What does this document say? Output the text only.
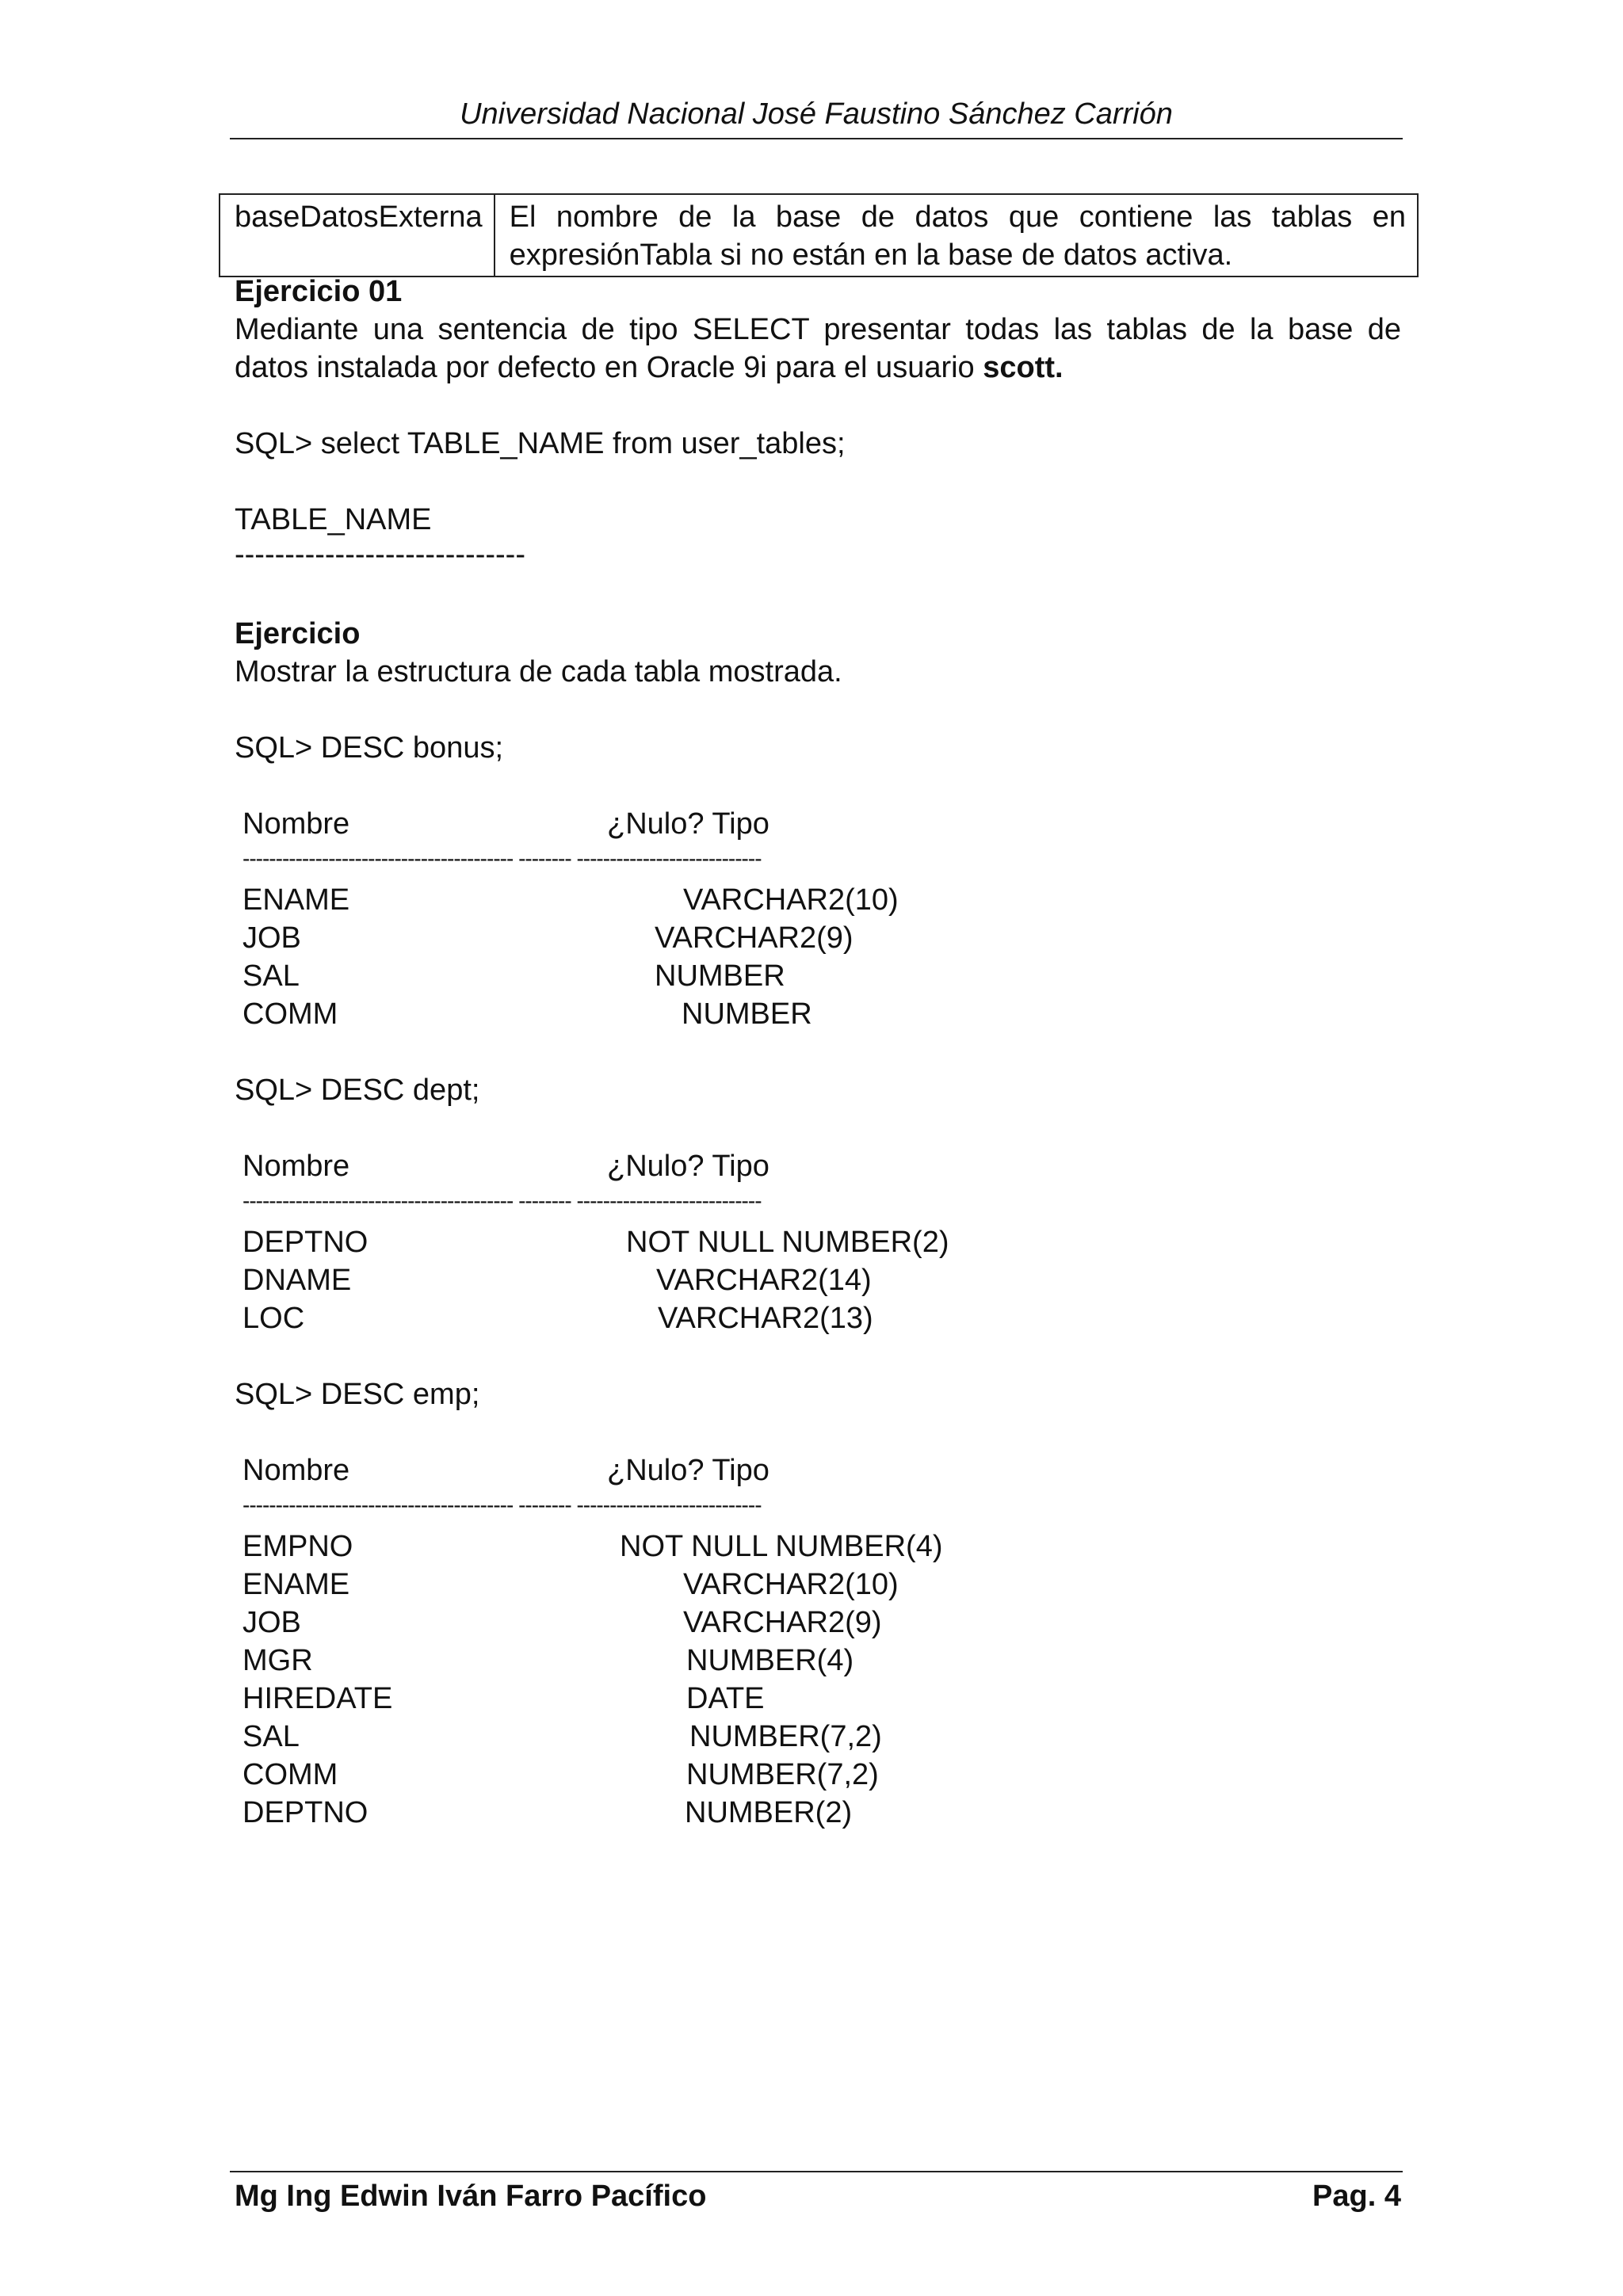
Universidad Nacional José Faustino Sánchez Carrión
baseDatosExterna	El nombre de la base de datos que contiene las tablas en expresiónTabla si no están en la base de datos activa.
Ejercicio 01
Mediante una sentencia de tipo SELECT presentar todas las tablas de la base de datos instalada por defecto en Oracle 9i para el usuario scott.
SQL> select TABLE_NAME from user_tables;
TABLE_NAME
-----------------------------
Ejercicio
Mostrar la estructura de cada tabla mostrada.
SQL> DESC bonus;
Nombre	¿Nulo? Tipo
----------------------------------------- -------- ----------------------------
ENAME	VARCHAR2(10)
JOB	VARCHAR2(9)
SAL	NUMBER
COMM	NUMBER
SQL> DESC dept;
Nombre	¿Nulo? Tipo
----------------------------------------- -------- ----------------------------
DEPTNO	NOT NULL NUMBER(2)
DNAME	VARCHAR2(14)
LOC	VARCHAR2(13)
SQL> DESC emp;
Nombre	¿Nulo? Tipo
----------------------------------------- -------- ----------------------------
EMPNO	NOT NULL NUMBER(4)
ENAME	VARCHAR2(10)
JOB	VARCHAR2(9)
MGR	NUMBER(4)
HIREDATE	DATE
SAL	NUMBER(7,2)
COMM	NUMBER(7,2)
DEPTNO	NUMBER(2)
Mg Ing Edwin Iván Farro Pacífico	Pag. 4
